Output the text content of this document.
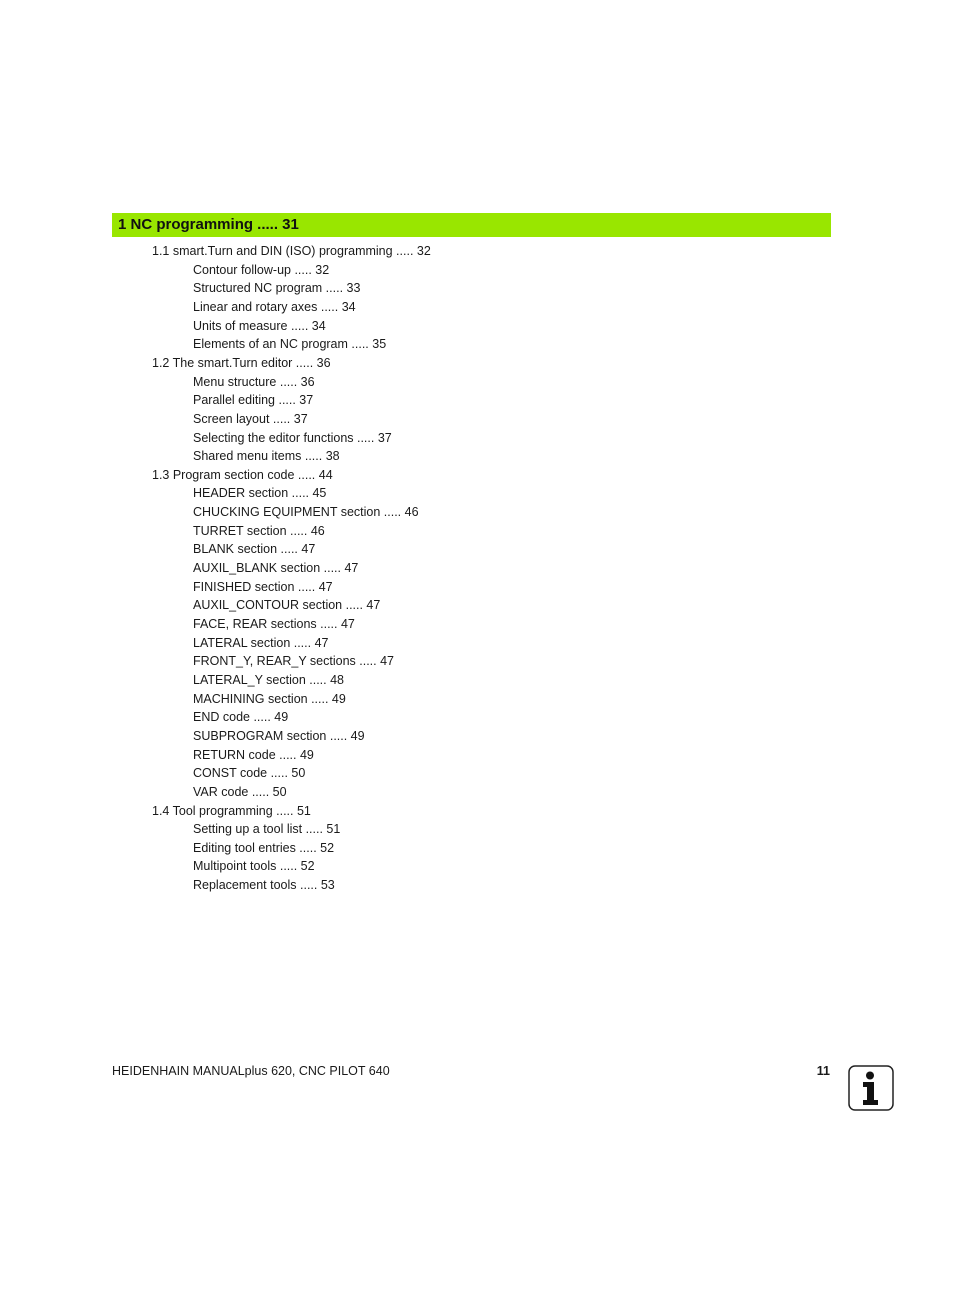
1 NC programming ..... 31
1.1 smart.Turn and DIN (ISO) programming ..... 32
Contour follow-up ..... 32
Structured NC program ..... 33
Linear and rotary axes ..... 34
Units of measure ..... 34
Elements of an NC program ..... 35
1.2 The smart.Turn editor ..... 36
Menu structure ..... 36
Parallel editing ..... 37
Screen layout ..... 37
Selecting the editor functions ..... 37
Shared menu items ..... 38
1.3 Program section code ..... 44
HEADER section ..... 45
CHUCKING EQUIPMENT section ..... 46
TURRET section ..... 46
BLANK section ..... 47
AUXIL_BLANK section ..... 47
FINISHED section ..... 47
AUXIL_CONTOUR section ..... 47
FACE, REAR sections ..... 47
LATERAL section ..... 47
FRONT_Y, REAR_Y sections ..... 47
LATERAL_Y section ..... 48
MACHINING section ..... 49
END code ..... 49
SUBPROGRAM section ..... 49
RETURN code ..... 49
CONST code ..... 50
VAR code ..... 50
1.4 Tool programming ..... 51
Setting up a tool list ..... 51
Editing tool entries ..... 52
Multipoint tools ..... 52
Replacement tools ..... 53
HEIDENHAIN MANUALplus 620, CNC PILOT 640	11
